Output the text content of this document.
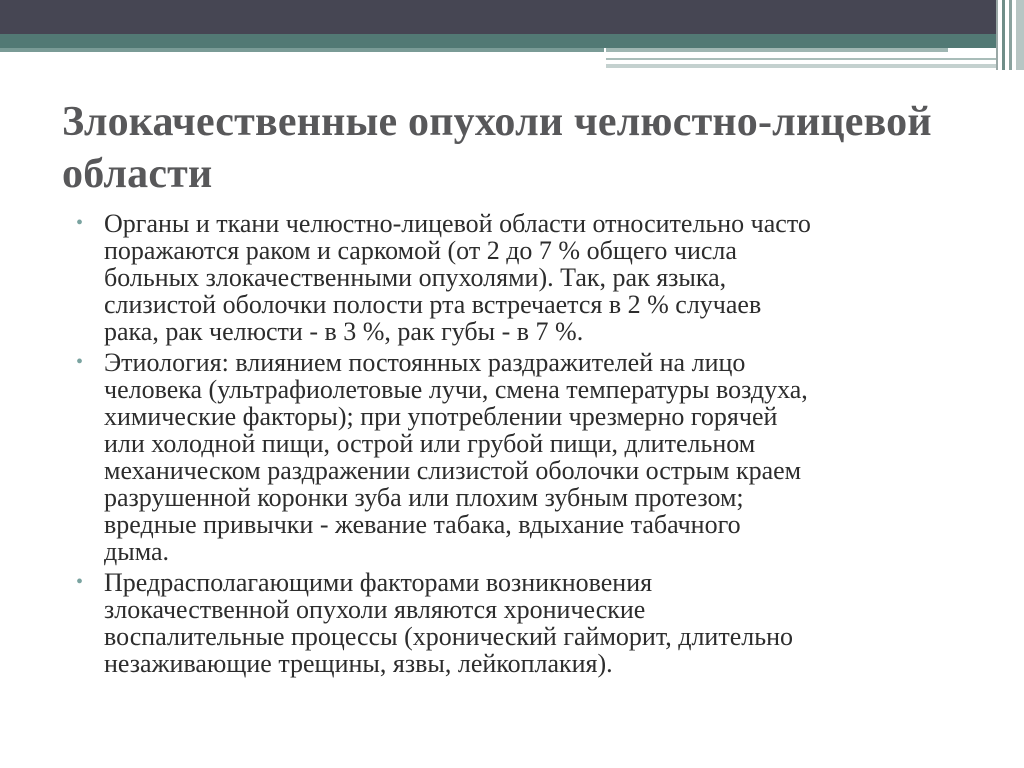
Злокачественные опухоли челюстно-лицевой области
• Органы и ткани челюстно-лицевой области относительно часто
поражаются раком и саркомой (от 2 до 7 % общего числа
больных злокачественными опухолями). Так, рак языка,
слизистой оболочки полости рта встречается в 2 % случаев
рака, рак челюсти - в 3 %, рак губы - в 7 %.
• Этиология: влиянием постоянных раздражителей на лицо
человека (ультрафиолетовые лучи, смена температуры воздуха,
химические факторы); при употреблении чрезмерно горячей
или холодной пищи, острой или грубой пищи, длительном
механическом раздражении слизистой оболочки острым краем
разрушенной коронки зуба или плохим зубным протезом;
вредные привычки - жевание табака, вдыхание табачного
дыма.
• Предрасполагающими факторами возникновения
злокачественной опухоли являются хронические
воспалительные процессы (хронический гайморит, длительно
незаживающие трещины, язвы, лейкоплакия).
